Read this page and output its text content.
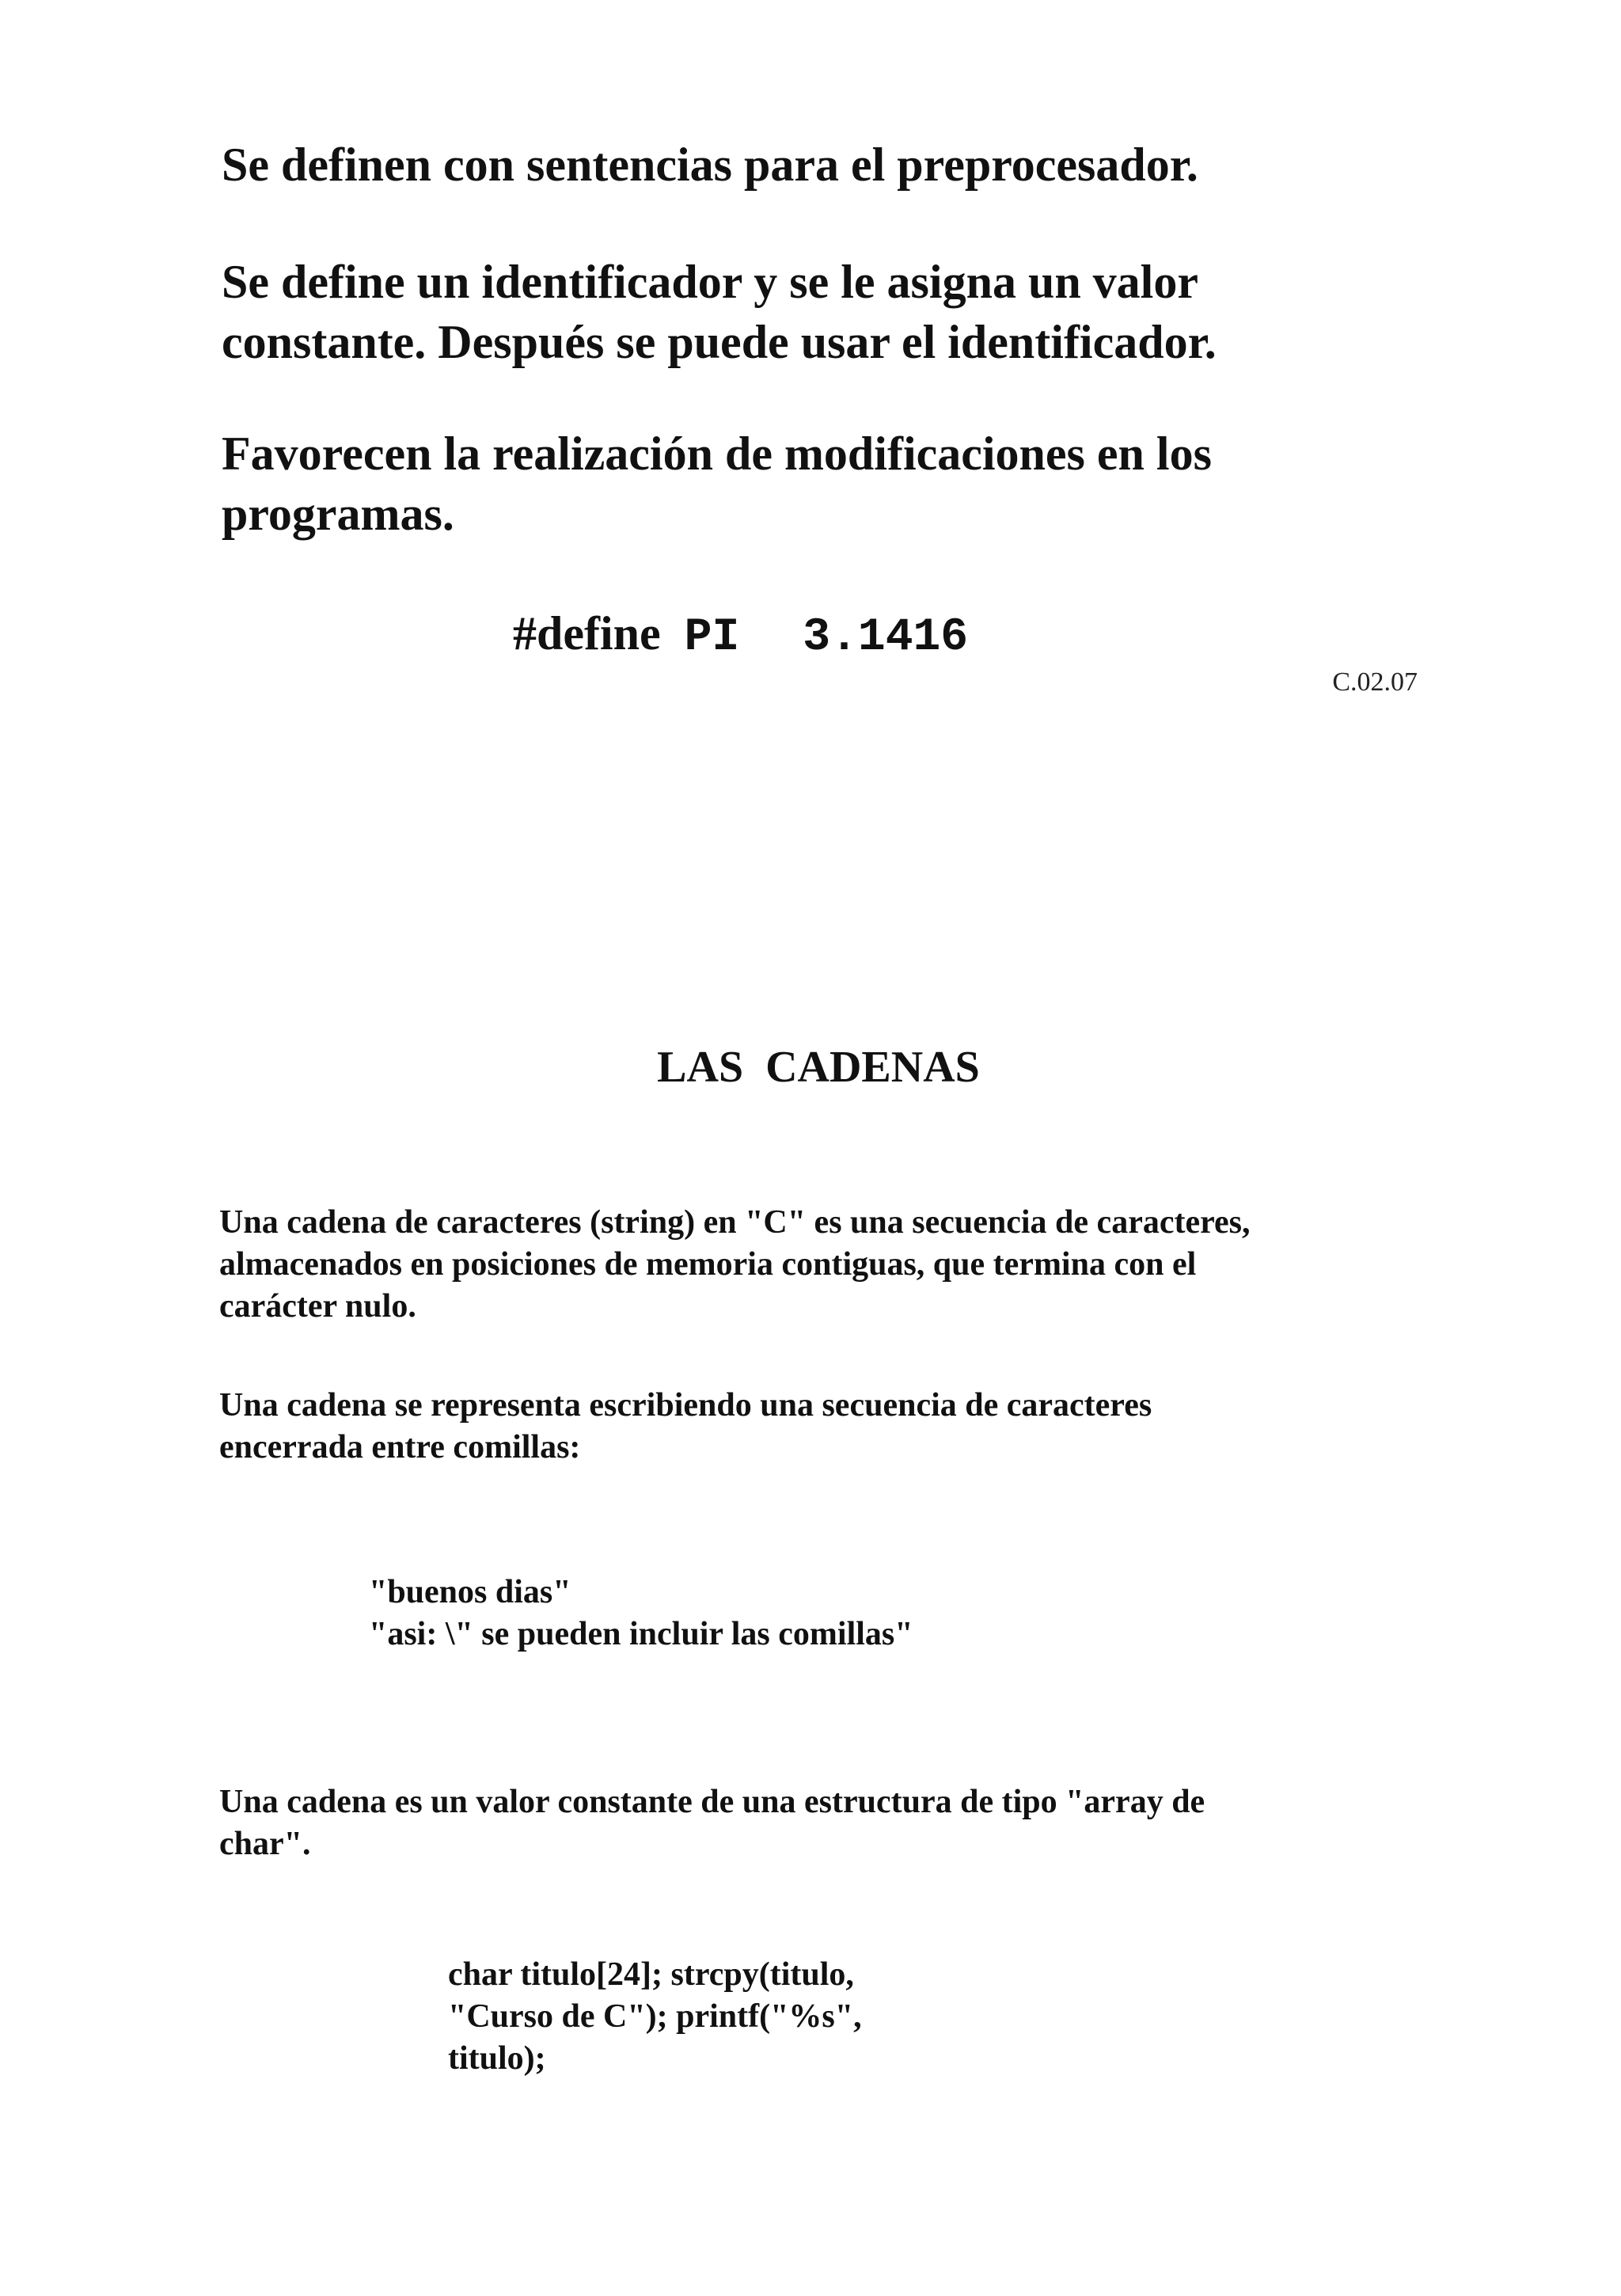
Se definen con sentencias para el preprocesador.
Se define un identificador y se le asigna un valor
constante. Después se puede usar el identificador.
Favorecen la realización de modificaciones en los
programas.
#define PI 3.1416
C.02.07
LAS  CADENAS
Una cadena de caracteres (string) en "C" es una secuencia de caracteres,
almacenados en posiciones de memoria contiguas, que termina con el
carácter nulo.
Una cadena se representa escribiendo una secuencia de caracteres
encerrada entre comillas:
"buenos dias"
"asi: \" se pueden incluir las comillas"
Una cadena es un valor constante de una estructura de tipo "array de
char".
char titulo[24]; strcpy(titulo,
"Curso de C"); printf("%s",
titulo);
